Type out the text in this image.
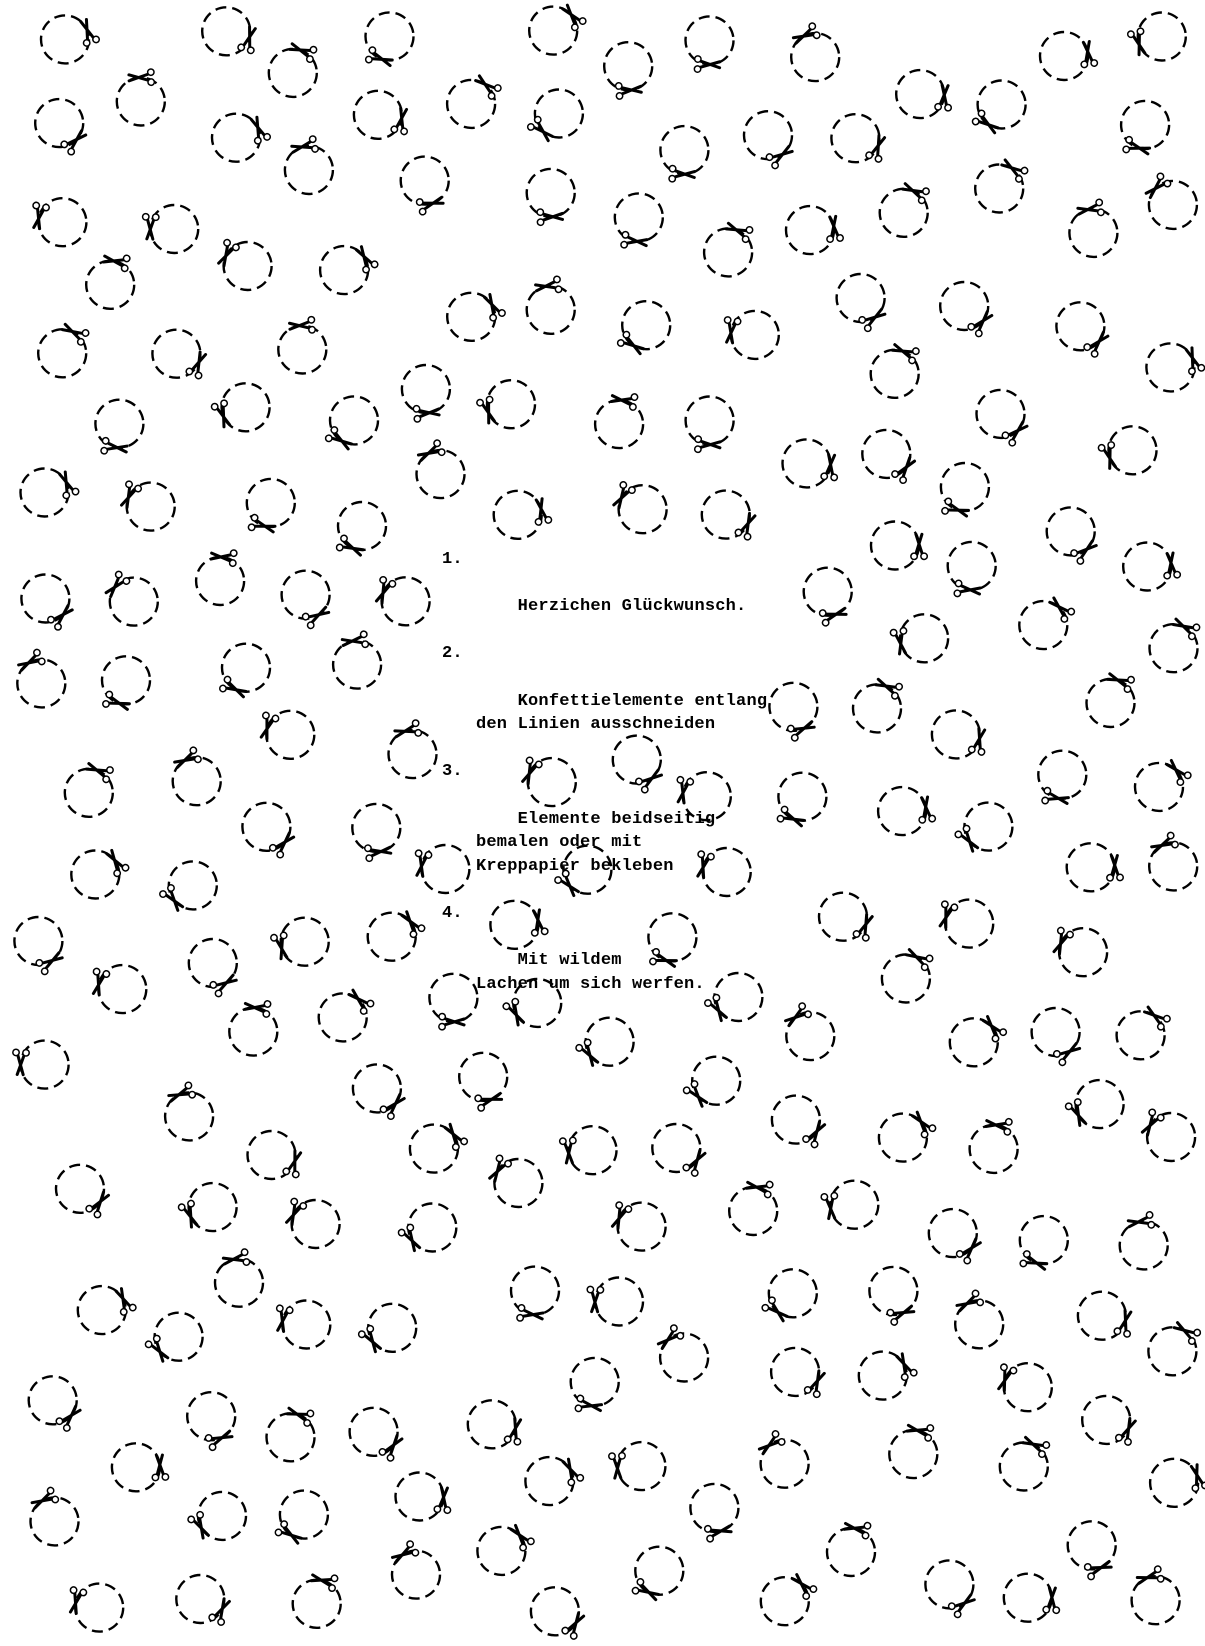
1.

Herzichen Glückwunsch.

2.

Konfettielemente entlang
den Linien ausschneiden

3.

Elemente beidseitig
bemalen oder mit
Kreppapier bekleben

4.

Mit wildem
Lachen um sich werfen.
